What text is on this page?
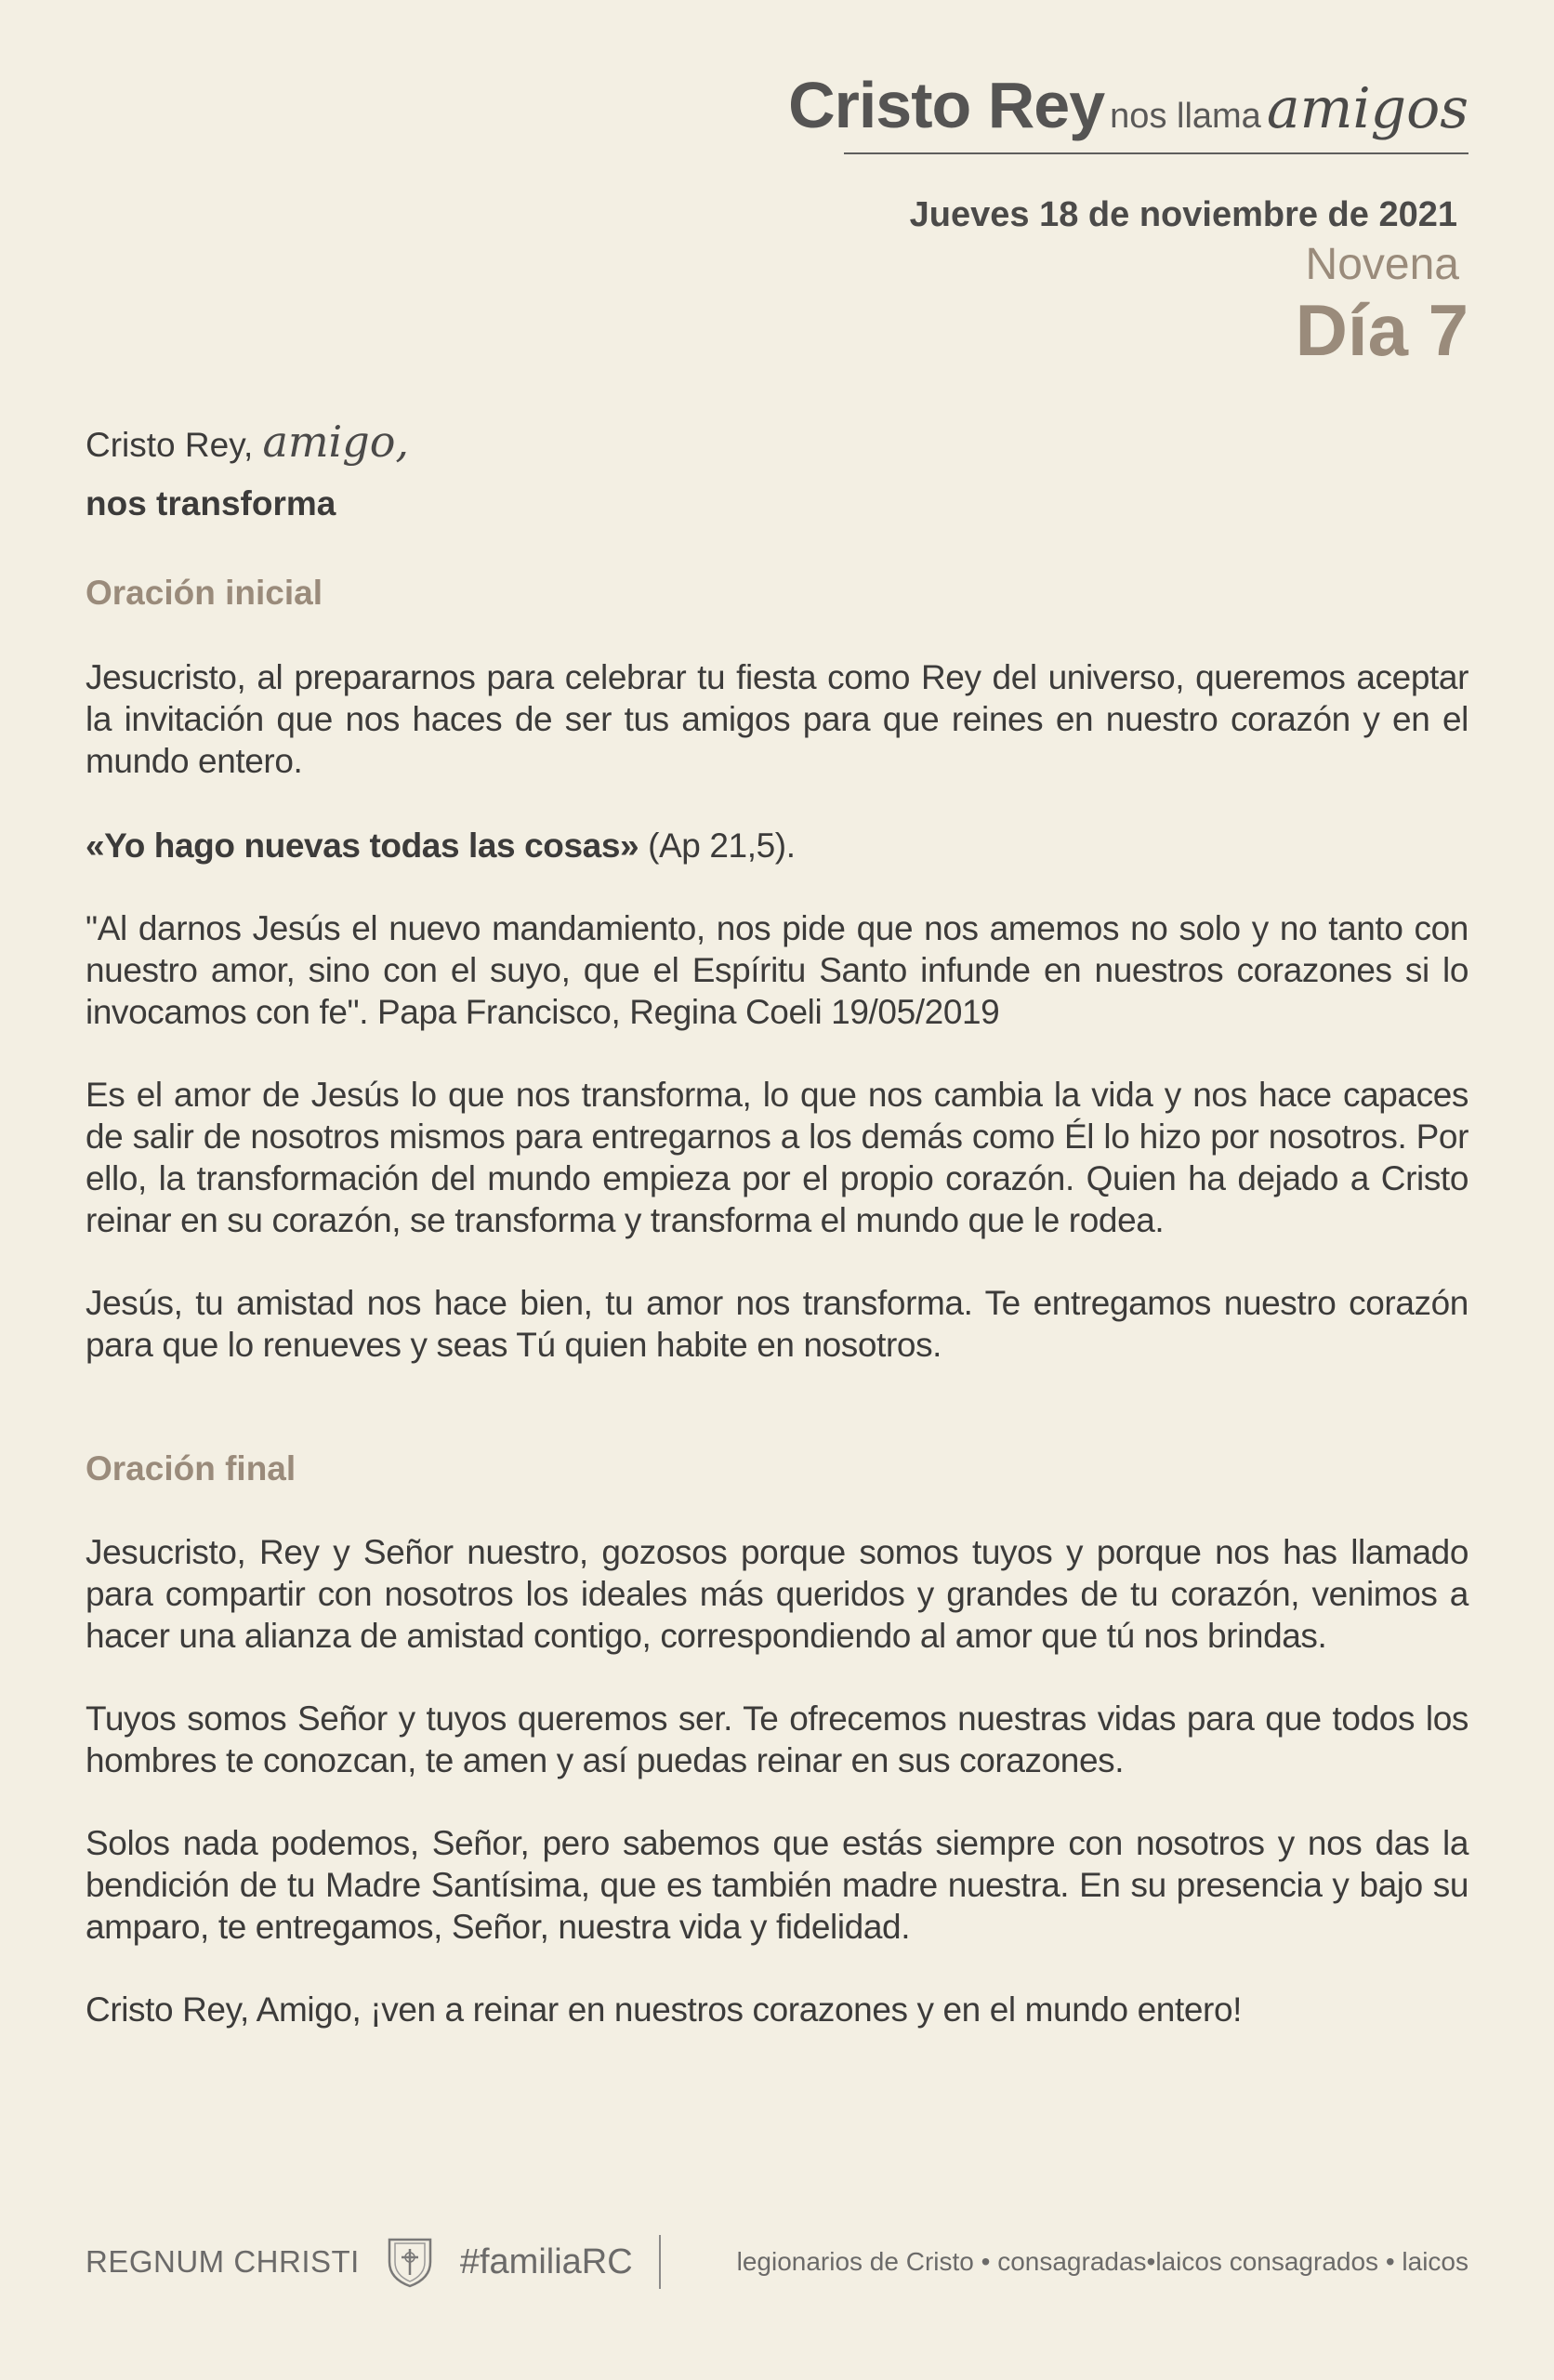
Cristo Rey nos llama amigos
Jueves 18 de noviembre de 2021
Novena
Día 7
Cristo Rey, amigo,
nos transforma
Oración inicial

Jesucristo, al prepararnos para celebrar tu fiesta como Rey del universo, queremos aceptar la invitación que nos haces de ser tus amigos para que reines en nuestro corazón y en el mundo entero.

«Yo hago nuevas todas las cosas» (Ap 21,5).

"Al darnos Jesús el nuevo mandamiento, nos pide que nos amemos no solo y no tanto con nuestro amor, sino con el suyo, que el Espíritu Santo infunde en nuestros corazones si lo invocamos con fe". Papa Francisco, Regina Coeli 19/05/2019

Es el amor de Jesús lo que nos transforma, lo que nos cambia la vida y nos hace capaces de salir de nosotros mismos para entregarnos a los demás como Él lo hizo por nosotros. Por ello, la transformación del mundo empieza por el propio corazón. Quien ha dejado a Cristo reinar en su corazón, se transforma y transforma el mundo que le rodea.

Jesús, tu amistad nos hace bien, tu amor nos transforma. Te entregamos nuestro corazón para que lo renueves y seas Tú quien habite en nosotros.

Oración final

Jesucristo, Rey y Señor nuestro, gozosos porque somos tuyos y porque nos has llamado para compartir con nosotros los ideales más queridos y grandes de tu corazón, venimos a hacer una alianza de amistad contigo, correspondiendo al amor que tú nos brindas.

Tuyos somos Señor y tuyos queremos ser. Te ofrecemos nuestras vidas para que todos los hombres te conozcan, te amen y así puedas reinar en sus corazones.

Solos nada podemos, Señor, pero sabemos que estás siempre con nosotros y nos das la bendición de tu Madre Santísima, que es también madre nuestra. En su presencia y bajo su amparo, te entregamos, Señor, nuestra vida y fidelidad.

Cristo Rey, Amigo, ¡ven a reinar en nuestros corazones y en el mundo entero!

REGNUM CHRISTI	#familiaRC	legionarios de Cristo • consagradas•laicos consagrados • laicos
